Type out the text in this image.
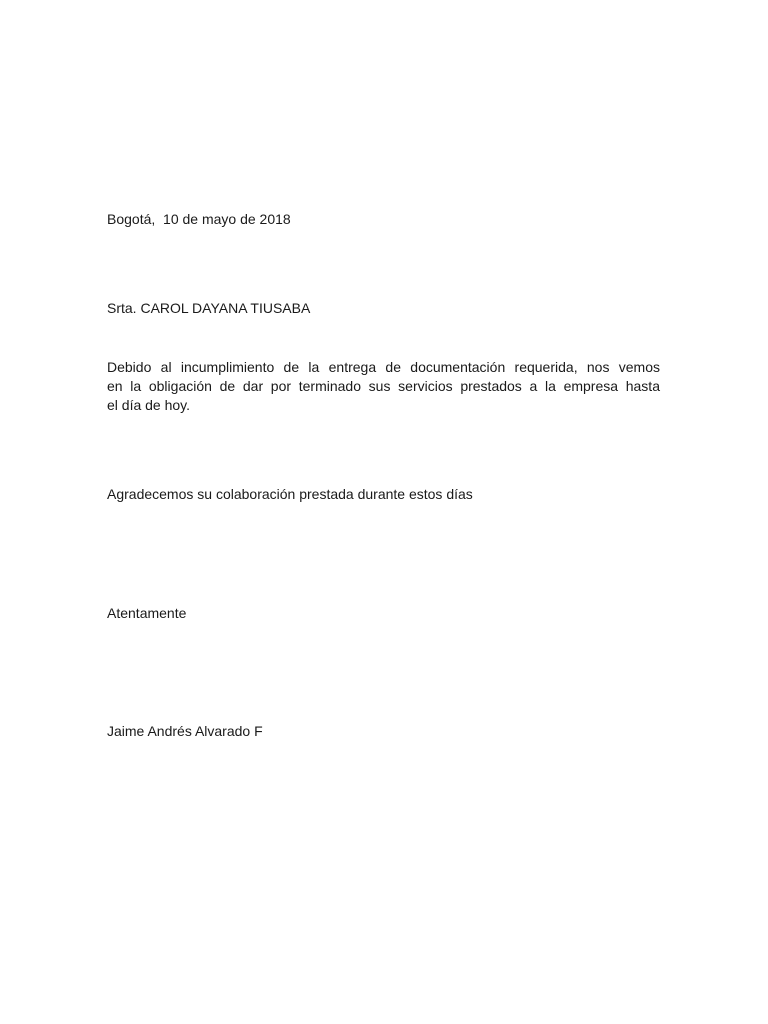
Bogotá,  10 de mayo de 2018
Srta. CAROL DAYANA TIUSABA
Debido al incumplimiento de la entrega de documentación requerida, nos vemos
en la obligación de dar por terminado sus servicios prestados a la empresa hasta
el día de hoy.
Agradecemos su colaboración prestada durante estos días
Atentamente
Jaime Andrés Alvarado F
